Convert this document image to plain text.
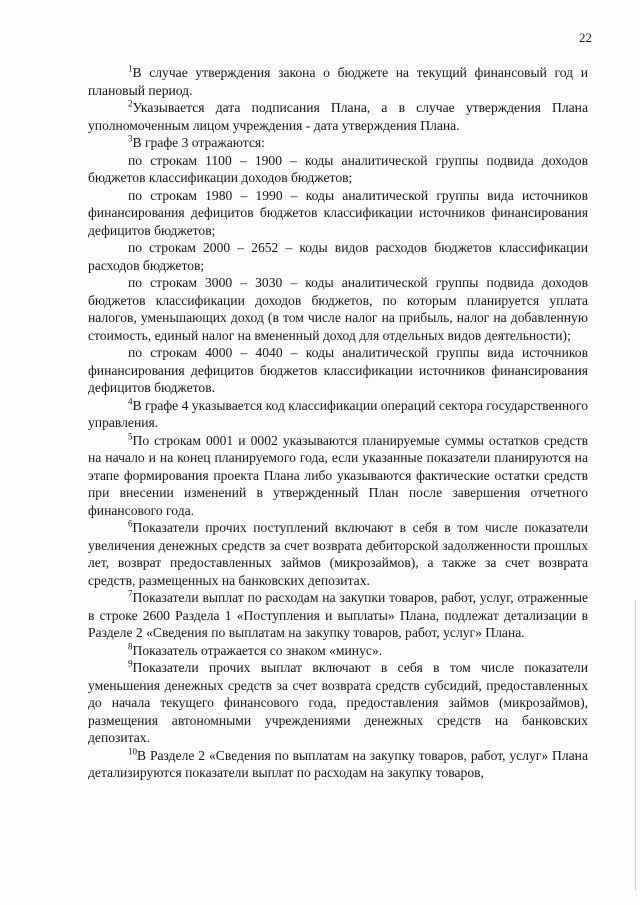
22

$^1$В случае утверждения закона о бюджете на текущий финансовый год и плановый период.

$^2$Указывается дата подписания Плана, а в случае утверждения Плана уполномоченным лицом учреждения - дата утверждения Плана.

$^3$В графе 3 отражаются:

по строкам 1100 – 1900 – коды аналитической группы подвида доходов бюджетов классификации доходов бюджетов;

по строкам 1980 – 1990 – коды аналитической группы вида источников финансирования дефицитов бюджетов классификации источников финансирования дефицитов бюджетов;

по строкам 2000 – 2652 – коды видов расходов бюджетов классификации расходов бюджетов;

по строкам 3000 – 3030 – коды аналитической группы подвида доходов бюджетов классификации доходов бюджетов, по которым планируется уплата налогов, уменьшающих доход (в том числе налог на прибыль, налог на добавленную стоимость, единый налог на вмененный доход для отдельных видов деятельности);

по строкам 4000 – 4040 – коды аналитической группы вида источников финансирования дефицитов бюджетов классификации источников финансирования дефицитов бюджетов.

$^4$В графе 4 указывается код классификации операций сектора государственного управления.

$^5$По строкам 0001 и 0002 указываются планируемые суммы остатков средств на начало и на конец планируемого года, если указанные показатели планируются на этапе формирования проекта Плана либо указываются фактические остатки средств при внесении изменений в утвержденный План после завершения отчетного финансового года.

$^6$Показатели прочих поступлений включают в себя в том числе показатели увеличения денежных средств за счет возврата дебиторской задолженности прошлых лет, возврат предоставленных займов (микрозаймов), а также за счет возврата средств, размещенных на банковских депозитах.

$^7$Показатели выплат по расходам на закупки товаров, работ, услуг, отраженные в строке 2600 Раздела 1 «Поступления и выплаты» Плана, подлежат детализации в Разделе 2 «Сведения по выплатам на закупку товаров, работ, услуг» Плана.

$^8$Показатель отражается со знаком «минус».

$^9$Показатели прочих выплат включают в себя в том числе показатели уменьшения денежных средств за счет возврата средств субсидий, предоставленных до начала текущего финансового года, предоставления займов (микрозаймов), размещения автономными учреждениями денежных средств на банковских депозитах.

$^{10}$В Разделе 2 «Сведения по выплатам на закупку товаров, работ, услуг» Плана детализируются показатели выплат по расходам на закупку товаров,
